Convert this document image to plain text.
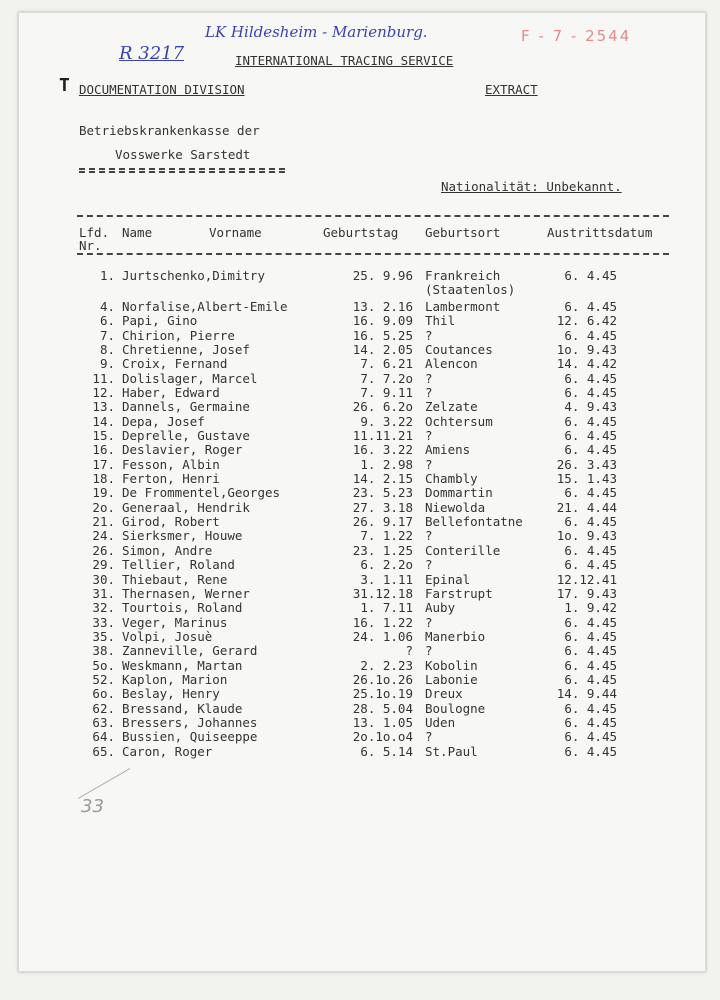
T
R 3217
LK Hildesheim - Marienburg.	F - 7 - 2544
INTERNATIONAL TRACING SERVICE
DOCUMENTATION DIVISION	EXTRACT
Betriebskrankenkasse der
Vosswerke Sarstedt
Nationalität: Unbekannt.
Lfd.
Nr.
Name	Vorname	Geburtstag Geburtsort	Austrittsdatum
1. Jurtschenko,Dimitry	25. 9.96 Frankreich	6. 4.45
(Staatenlos)
4. Norfalise,Albert-Emile	13. 2.16 Lambermont	6. 4.45
6. Papi, Gino	16. 9.09 Thil	12. 6.42
7. Chirion, Pierre	16. 5.25 ?	6. 4.45
8. Chretienne, Josef	14. 2.05 Coutances	1o. 9.43
9. Croix, Fernand	7. 6.21 Alencon	14. 4.42
11. Dolislager, Marcel	7. 7.2o ?	6. 4.45
12. Haber, Edward	7. 9.11 ?	6. 4.45
13. Dannels, Germaine	26. 6.2o Zelzate	4. 9.43
14. Depa, Josef	9. 3.22 Ochtersum	6. 4.45
15. Deprelle, Gustave	11.11.21 ?	6. 4.45
16. Deslavier, Roger	16. 3.22 Amiens	6. 4.45
17. Fesson, Albin	1. 2.98 ?	26. 3.43
18. Ferton, Henri	14. 2.15 Chambly	15. 1.43
19. De Frommentel,Georges	23. 5.23 Dommartin	6. 4.45
2o. Generaal, Hendrik	27. 3.18 Niewolda	21. 4.44
21. Girod, Robert	26. 9.17 Bellefontatne	6. 4.45
24. Sierksmer, Houwe	7. 1.22 ?	1o. 9.43
26. Simon, Andre	23. 1.25 Conterille	6. 4.45
29. Tellier, Roland	6. 2.2o ?	6. 4.45
30. Thiebaut, Rene	3. 1.11 Epinal	12.12.41
31. Thernasen, Werner	31.12.18 Farstrupt	17. 9.43
32. Tourtois, Roland	1. 7.11 Auby	1. 9.42
33. Veger, Marinus	16. 1.22 ?	6. 4.45
35. Volpi, Josuè	24. 1.06 Manerbio	6. 4.45
38. Zanneville, Gerard	? ?	6. 4.45
5o. Weskmann, Martan	2. 2.23 Kobolin	6. 4.45
52. Kaplon, Marion	26.1o.26 Labonie	6. 4.45
6o. Beslay, Henry	25.1o.19 Dreux	14. 9.44
62. Bressand, Klaude	28. 5.04 Boulogne	6. 4.45
63. Bressers, Johannes	13. 1.05 Uden	6. 4.45
64. Bussien, Quiseeppe	2o.1o.o4 ?	6. 4.45
65. Caron, Roger	6. 5.14 St.Paul	6. 4.45
33
